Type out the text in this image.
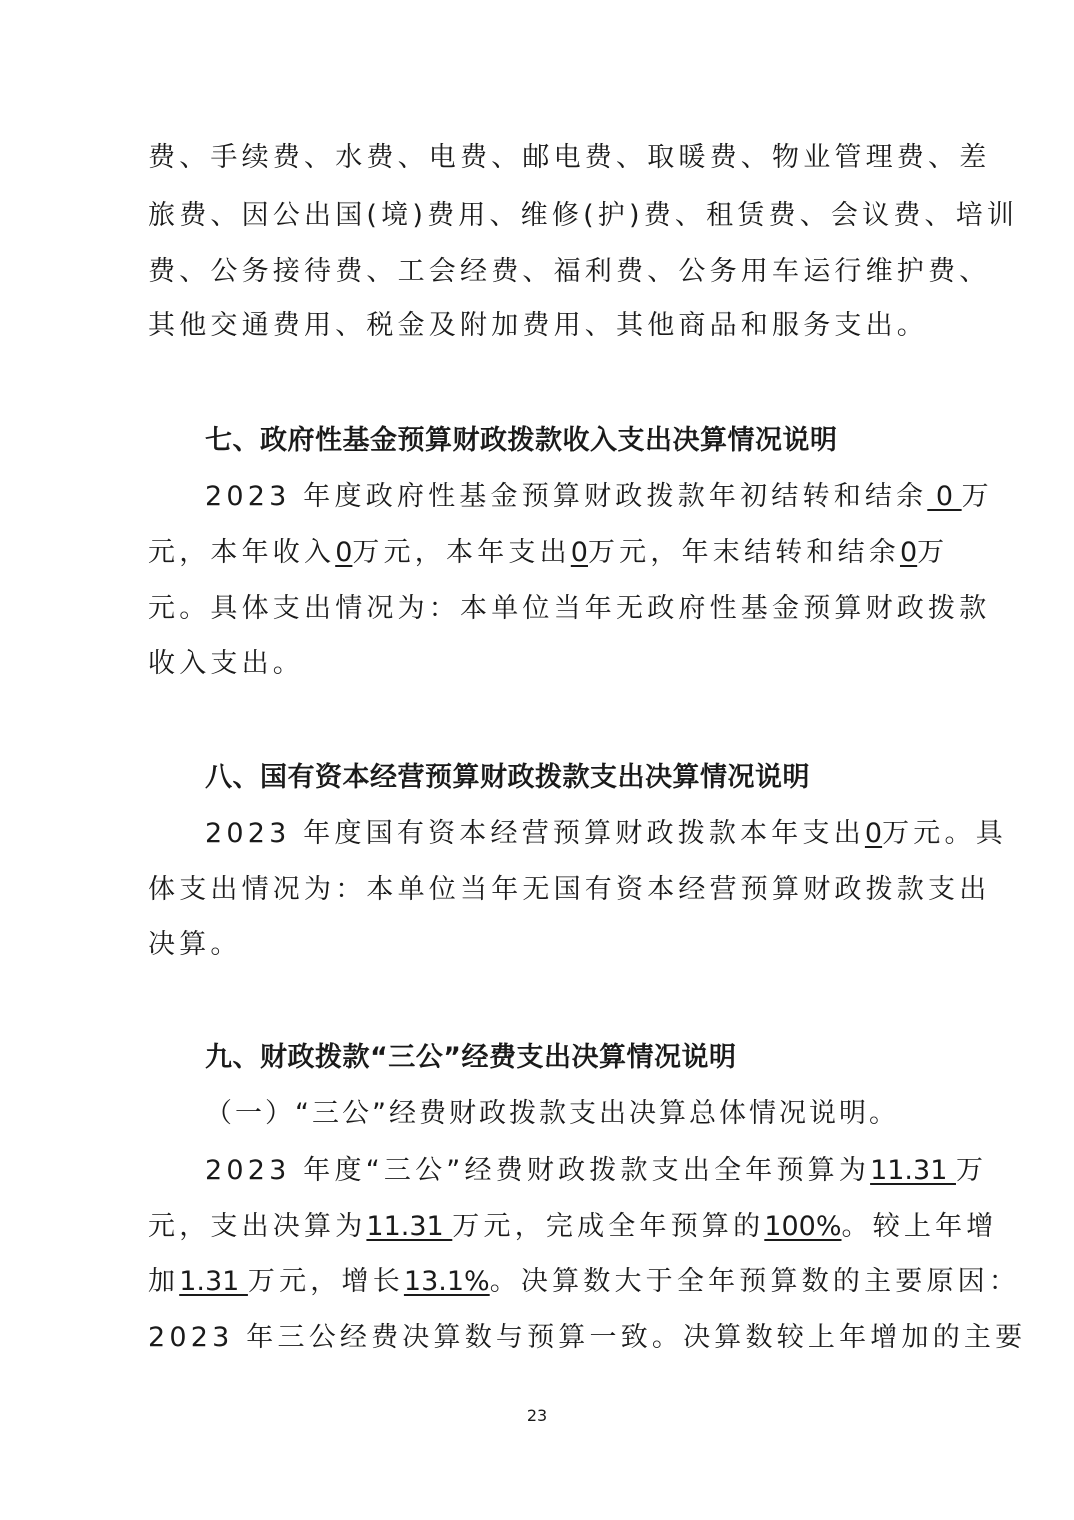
费、手续费、水费、电费、邮电费、取暖费、物业管理费、差
旅费、因公出国(境)费用、维修(护)费、租赁费、会议费、培训
费、公务接待费、工会经费、福利费、公务用车运行维护费、
其他交通费用、税金及附加费用、其他商品和服务支出。
七、政府性基金预算财政拨款收入支出决算情况说明
2023 年度政府性基金预算财政拨款年初结转和结余 0 万
元，本年收入0万元，本年支出0万元，年末结转和结余0万
元。具体支出情况为：本单位当年无政府性基金预算财政拨款
收入支出。
八、国有资本经营预算财政拨款支出决算情况说明
2023 年度国有资本经营预算财政拨款本年支出0万元。具
体支出情况为：本单位当年无国有资本经营预算财政拨款支出
决算。
九、财政拨款“三公”经费支出决算情况说明
（一）“三公”经费财政拨款支出决算总体情况说明。
2023 年度“三公”经费财政拨款支出全年预算为11.31 万
元，支出决算为11.31 万元，完成全年预算的100%。较上年增
加1.31 万元，增长13.1%。决算数大于全年预算数的主要原因：
2023 年三公经费决算数与预算一致。决算数较上年增加的主要
23
